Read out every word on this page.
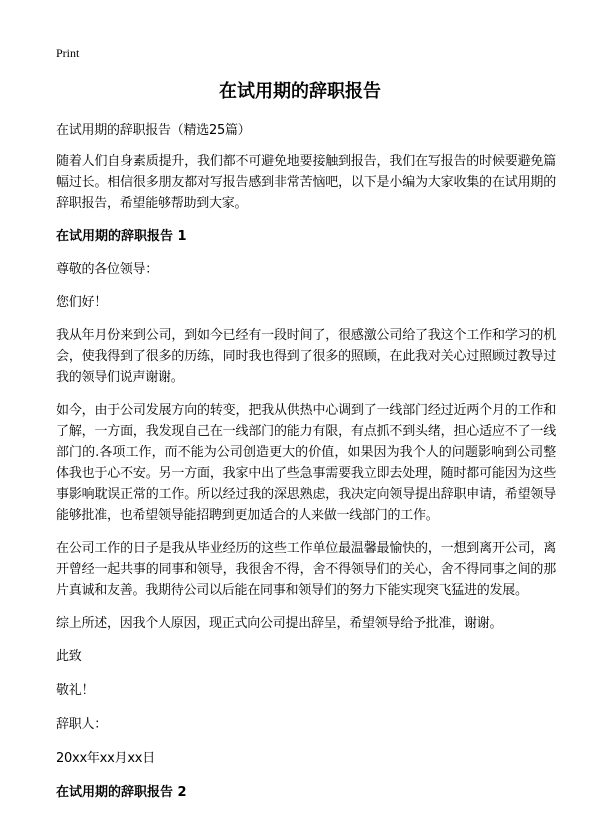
Print
在试用期的辞职报告

在试用期的辞职报告（精选25篇）

随着人们自身素质提升，我们都不可避免地要接触到报告，我们在写报告的时候要避免篇幅过长。相信很多朋友都对写报告感到非常苦恼吧，以下是小编为大家收集的在试用期的辞职报告，希望能够帮助到大家。

在试用期的辞职报告 1

尊敬的各位领导：

您们好！

我从年月份来到公司，到如今已经有一段时间了，很感激公司给了我这个工作和学习的机会，使我得到了很多的历练，同时我也得到了很多的照顾，在此我对关心过照顾过教导过我的领导们说声谢谢。

如今，由于公司发展方向的转变，把我从供热中心调到了一线部门经过近两个月的工作和了解，一方面，我发现自己在一线部门的能力有限，有点抓不到头绪，担心适应不了一线部门的.各项工作，而不能为公司创造更大的价值，如果因为我个人的问题影响到公司整体我也于心不安。另一方面，我家中出了些急事需要我立即去处理，随时都可能因为这些事影响耽误正常的工作。所以经过我的深思熟虑，我决定向领导提出辞职申请，希望领导能够批准，也希望领导能招聘到更加适合的人来做一线部门的工作。

在公司工作的日子是我从毕业经历的这些工作单位最温馨最愉快的，一想到离开公司，离开曾经一起共事的同事和领导，我很舍不得，舍不得领导们的关心，舍不得同事之间的那片真诚和友善。我期待公司以后能在同事和领导们的努力下能实现突飞猛进的发展。

综上所述，因我个人原因，现正式向公司提出辞呈，希望领导给予批准，谢谢。

此致

敬礼！

辞职人：

20xx年xx月xx日

在试用期的辞职报告 2
